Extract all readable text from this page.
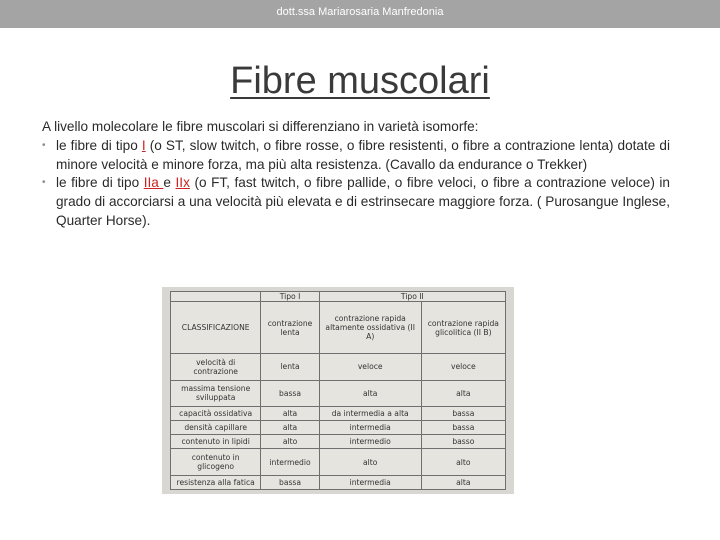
dott.ssa Mariarosaria Manfredonia
Fibre muscolari

A livello molecolare le fibre muscolari si differenziano in varietà isomorfe:

• le fibre di tipo I (o ST, slow twitch, o fibre rosse, o fibre resistenti, o fibre a contrazione lenta) dotate di minore velocità e minore forza, ma più alta resistenza. (Cavallo da endurance o Trekker)
• le fibre di tipo IIa e IIx (o FT, fast twitch, o fibre pallide, o fibre veloci, o fibre a contrazione veloce) in grado di accorciarsi a una velocità più elevata e di estrinsecare maggiore forza. ( Purosangue Inglese, Quarter Horse).
	Tipo I	Tipo II	
CLASSIFICAZIONE	contrazione lenta	contrazione rapida altamente ossidativa (II A)	contrazione rapida glicolitica (II B)
velocità di contrazione	lenta	veloce	veloce
massima tensione sviluppata	bassa	alta	alta
capacità ossidativa	alta	da intermedia a alta	bassa
densità capillare	alta	intermedia	bassa
contenuto in lipidi	alto	intermedio	basso
contenuto in glicogeno	intermedio	alto	alto
resistenza alla fatica	bassa	intermedia	alta
